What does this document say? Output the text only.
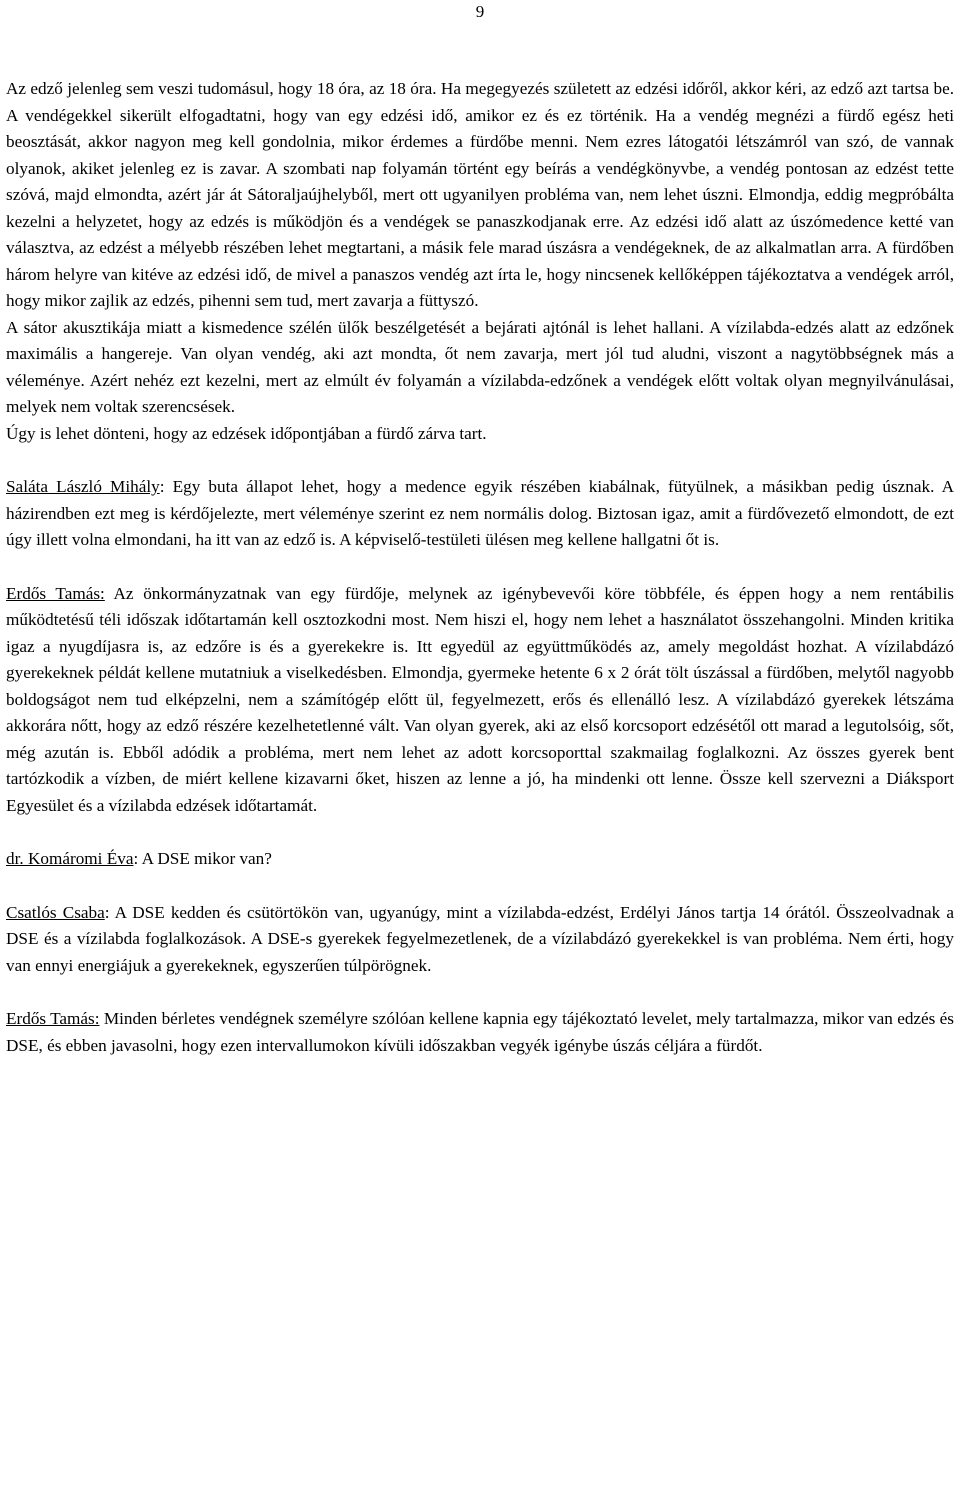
9

Az edző jelenleg sem veszi tudomásul, hogy 18 óra, az 18 óra. Ha megegyezés született az edzési időről, akkor kéri, az edző azt tartsa be. A vendégekkel sikerült elfogadtatni, hogy van egy edzési idő, amikor ez és ez történik. Ha a vendég megnézi a fürdő egész heti beosztását, akkor nagyon meg kell gondolnia, mikor érdemes a fürdőbe menni. Nem ezres látogatói létszámról van szó, de vannak olyanok, akiket jelenleg ez is zavar. A szombati nap folyamán történt egy beírás a vendégkönyvbe, a vendég pontosan az edzést tette szóvá, majd elmondta, azért jár át Sátoraljaújhelyből, mert ott ugyanilyen probléma van, nem lehet úszni. Elmondja, eddig megpróbálta kezelni a helyzetet, hogy az edzés is működjön és a vendégek se panaszkodjanak erre. Az edzési idő alatt az úszómedence ketté van választva, az edzést a mélyebb részében lehet megtartani, a másik fele marad úszásra a vendégeknek, de az alkalmatlan arra. A fürdőben három helyre van kitéve az edzési idő, de mivel a panaszos vendég azt írta le, hogy nincsenek kellőképpen tájékoztatva a vendégek arról, hogy mikor zajlik az edzés, pihenni sem tud, mert zavarja a füttyszó.

A sátor akusztikája miatt a kismedence szélén ülők beszélgetését a bejárati ajtónál is lehet hallani. A vízilabda-edzés alatt az edzőnek maximális a hangereje. Van olyan vendég, aki azt mondta, őt nem zavarja, mert jól tud aludni, viszont a nagytöbbségnek más a véleménye. Azért nehéz ezt kezelni, mert az elmúlt év folyamán a vízilabda-edzőnek a vendégek előtt voltak olyan megnyilvánulásai, melyek nem voltak szerencsések.

Úgy is lehet dönteni, hogy az edzések időpontjában a fürdő zárva tart.

Saláta László Mihály: Egy buta állapot lehet, hogy a medence egyik részében kiabálnak, fütyülnek, a másikban pedig úsznak. A házirendben ezt meg is kérdőjelezte, mert véleménye szerint ez nem normális dolog. Biztosan igaz, amit a fürdővezető elmondott, de ezt úgy illett volna elmondani, ha itt van az edző is. A képviselő-testületi ülésen meg kellene hallgatni őt is.

Erdős Tamás: Az önkormányzatnak van egy fürdője, melynek az igénybevevői köre többféle, és éppen hogy a nem rentábilis működtetésű téli időszak időtartamán kell osztozkodni most. Nem hiszi el, hogy nem lehet a használatot összehangolni. Minden kritika igaz a nyugdíjasra is, az edzőre is és a gyerekekre is. Itt egyedül az együttműködés az, amely megoldást hozhat. A vízilabdázó gyerekeknek példát kellene mutatniuk a viselkedésben. Elmondja, gyermeke hetente 6 x 2 órát tölt úszással a fürdőben, melytől nagyobb boldogságot nem tud elképzelni, nem a számítógép előtt ül, fegyelmezett, erős és ellenálló lesz. A vízilabdázó gyerekek létszáma akkorára nőtt, hogy az edző részére kezelhetetlenné vált. Van olyan gyerek, aki az első korcsoport edzésétől ott marad a legutolsóig, sőt, még azután is. Ebből adódik a probléma, mert nem lehet az adott korcsoporttal szakmailag foglalkozni. Az összes gyerek bent tartózkodik a vízben, de miért kellene kizavarni őket, hiszen az lenne a jó, ha mindenki ott lenne. Össze kell szervezni a Diáksport Egyesület és a vízilabda edzések időtartamát.

dr. Komáromi Éva: A DSE mikor van?

Csatlós Csaba: A DSE kedden és csütörtökön van, ugyanúgy, mint a vízilabda-edzést, Erdélyi János tartja 14 órától. Összeolvadnak a DSE és a vízilabda foglalkozások. A DSE-s gyerekek fegyelmezetlenek, de a vízilabdázó gyerekekkel is van probléma. Nem érti, hogy van ennyi energiájuk a gyerekeknek, egyszerűen túlpörögnek.

Erdős Tamás: Minden bérletes vendégnek személyre szólóan kellene kapnia egy tájékoztató levelet, mely tartalmazza, mikor van edzés és DSE, és ebben javasolni, hogy ezen intervallumokon kívüli időszakban vegyék igénybe úszás céljára a fürdőt.
